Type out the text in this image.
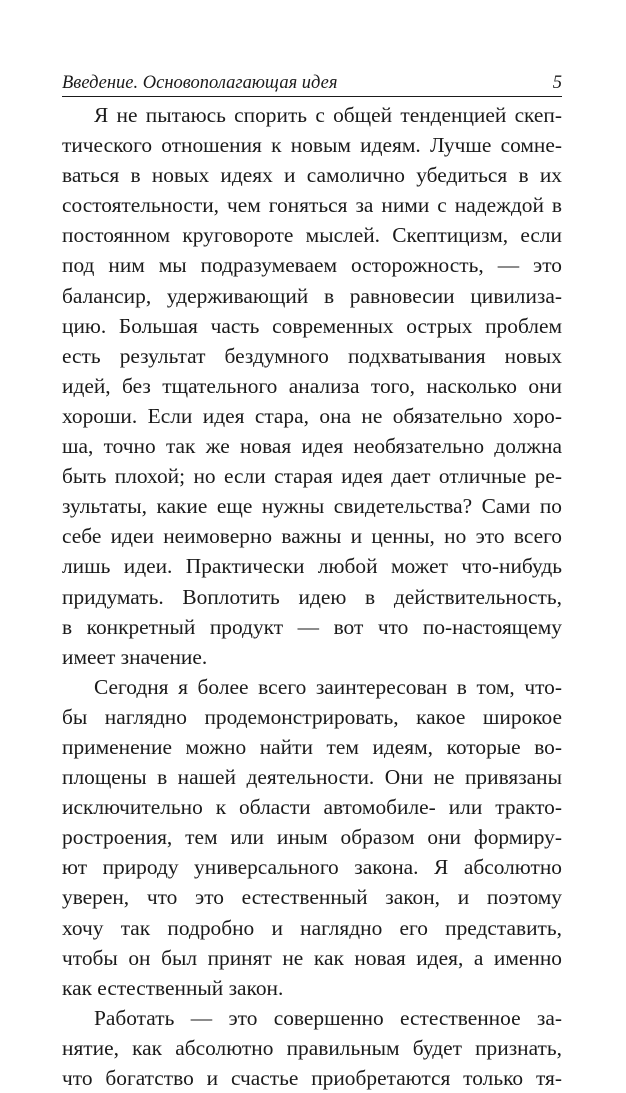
Введение. Основополагающая идея	5
Я не пытаюсь спорить с общей тенденцией скеп-
тического отношения к новым идеям. Лучше сомне-
ваться в новых идеях и самолично убедиться в их
состоятельности, чем гоняться за ними с надеждой в
постоянном круговороте мыслей. Скептицизм, если
под ним мы подразумеваем осторожность, — это
балансир, удерживающий в равновесии цивилиза-
цию. Большая часть современных острых проблем
есть результат бездумного подхватывания новых
идей, без тщательного анализа того, насколько они
хороши. Если идея стара, она не обязательно хоро-
ша, точно так же новая идея необязательно должна
быть плохой; но если старая идея дает отличные ре-
зультаты, какие еще нужны свидетельства? Сами по
себе идеи неимоверно важны и ценны, но это всего
лишь идеи. Практически любой может что-нибудь
придумать. Воплотить идею в действительность,
в конкретный продукт — вот что по-настоящему
имеет значение.
Сегодня я более всего заинтересован в том, что-
бы наглядно продемонстрировать, какое широкое
применение можно найти тем идеям, которые во-
площены в нашей деятельности. Они не привязаны
исключительно к области автомобиле- или тракто-
ростроения, тем или иным образом они формиру-
ют природу универсального закона. Я абсолютно
уверен, что это естественный закон, и поэтому
хочу так подробно и наглядно его представить,
чтобы он был принят не как новая идея, а именно
как естественный закон.
Работать — это совершенно естественное за-
нятие, как абсолютно правильным будет признать,
что богатство и счастье приобретаются только тя-
